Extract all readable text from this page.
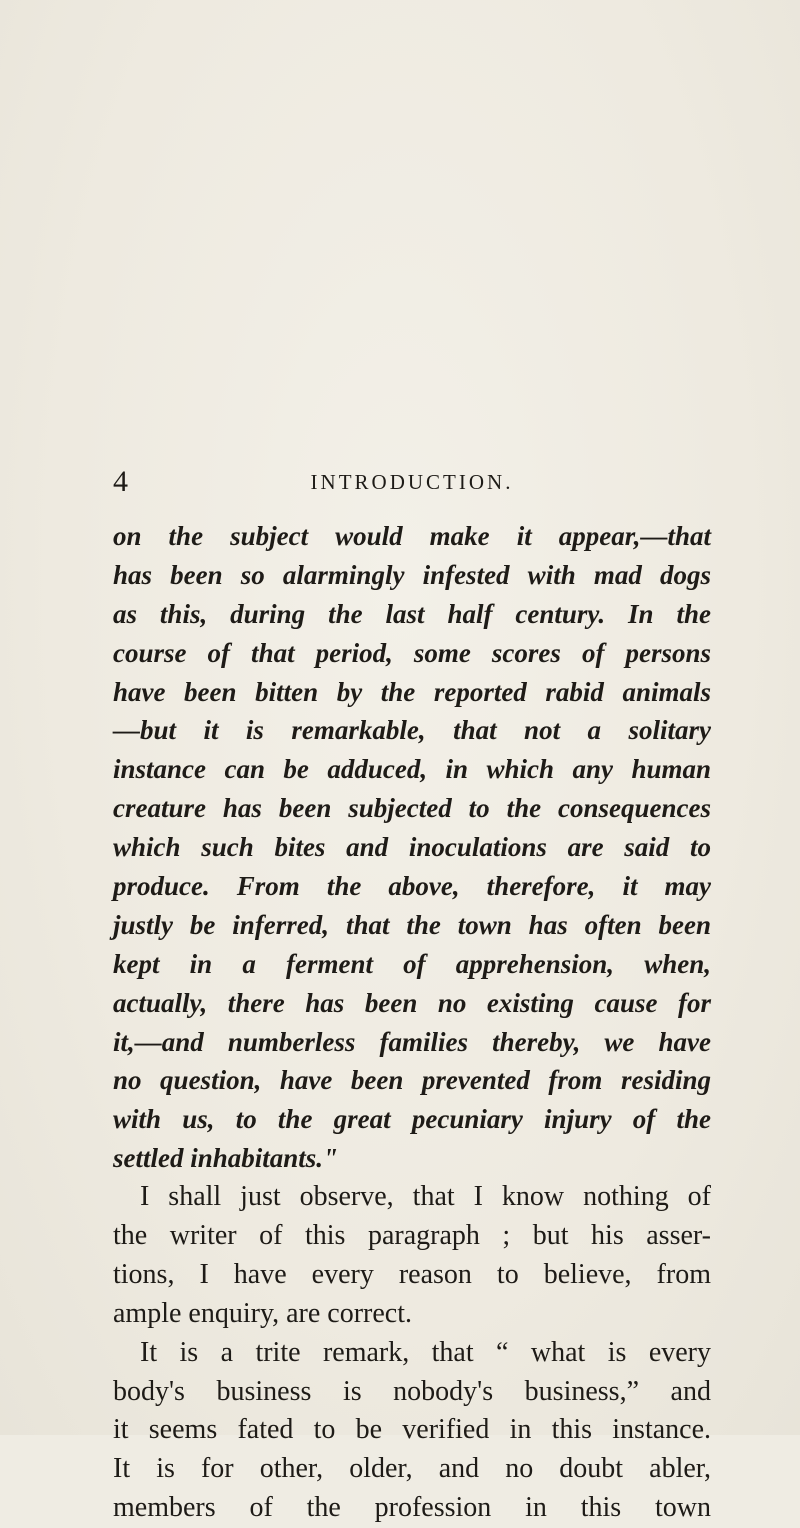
4	INTRODUCTION.
on the subject would make it appear,—that
has been so alarmingly infested with mad dogs
as this, during the last half century. In the
course of that period, some scores of persons
have been bitten by the reported rabid animals
—but it is remarkable, that not a solitary
instance can be adduced, in which any human
creature has been subjected to the consequences
which such bites and inoculations are said to
produce. From the above, therefore, it may
justly be inferred, that the town has often been
kept in a ferment of apprehension, when,
actually, there has been no existing cause for
it,—and numberless families thereby, we have
no question, have been prevented from residing
with us, to the great pecuniary injury of the
settled inhabitants."
I shall just observe, that I know nothing of
the writer of this paragraph ; but his asser-
tions, I have every reason to believe, from
ample enquiry, are correct.
It is a trite remark, that “ what is every
body's business is nobody's business,” and
it seems fated to be verified in this instance.
It is for other, older, and no doubt abler,
members of the profession in this town
